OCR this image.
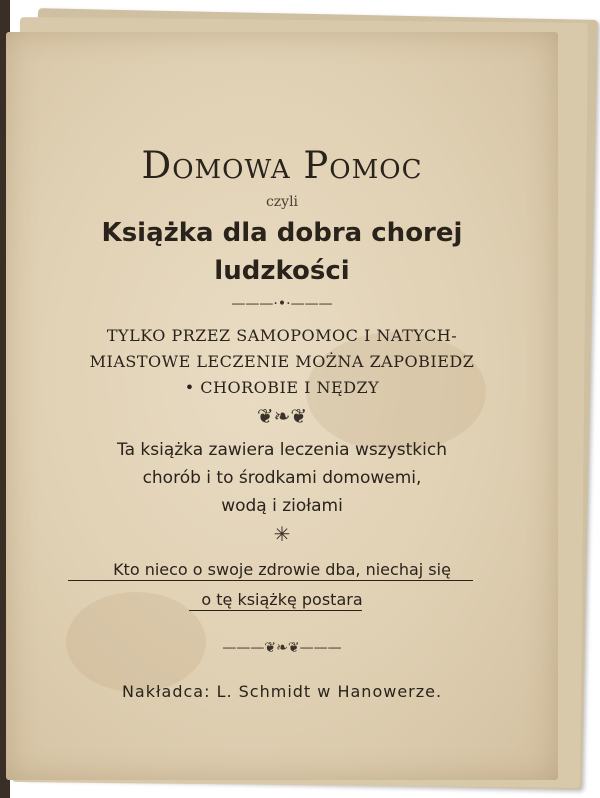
Domowa Pomoc
czyli
Książka dla dobra chorej
ludzkości
———·•·———
TYLKO PRZEZ SAMOPOMOC I NATYCH-
MIASTOWE LECZENIE MOŻNA ZAPOBIEDZ
• CHOROBIE I NĘDZY
❦❧❦
Ta książka zawiera leczenia wszystkich
chorób i to środkami domowemi,
wodą i ziołami
✳
Kto nieco o swoje zdrowie dba, niechaj się
o tę książkę postara
———❦❧❦———
Nakładca: L. Schmidt w Hanowerze.
